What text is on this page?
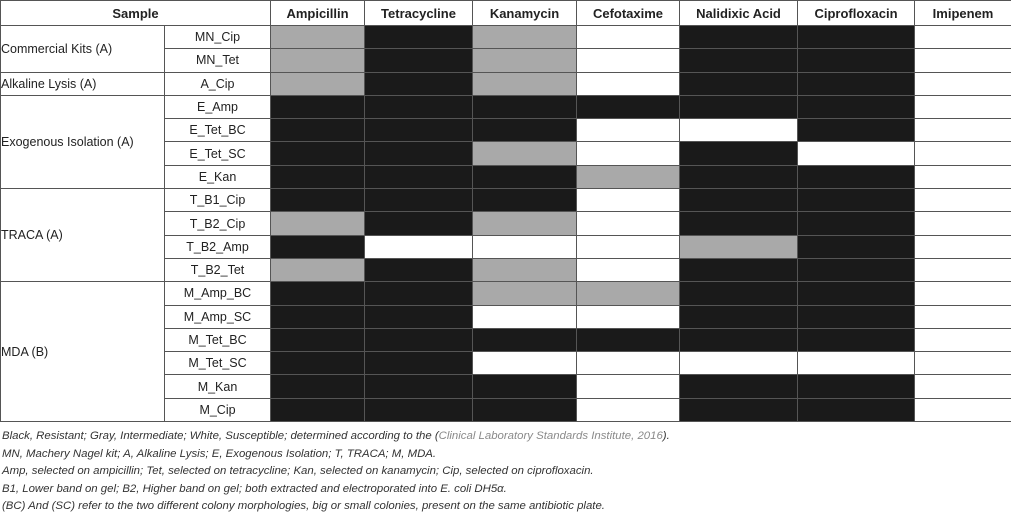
Sample		Ampicillin	Tetracycline	Kanamycin	Cefotaxime	Nalidixic Acid	Ciprofloxacin	Imipenem
Commercial Kits (A)	MN_Cip							
	MN_Tet							
Alkaline Lysis (A)	A_Cip							
Exogenous Isolation (A)	E_Amp							
	E_Tet_BC							
	E_Tet_SC							
	E_Kan							
TRACA (A)	T_B1_Cip							
	T_B2_Cip							
	T_B2_Amp							
	T_B2_Tet							
MDA (B)	M_Amp_BC							
	M_Amp_SC							
	M_Tet_BC							
	M_Tet_SC							
	M_Kan							
	M_Cip							
Black, Resistant; Gray, Intermediate; White, Susceptible; determined according to the (Clinical Laboratory Standards Institute, 2016).
MN, Machery Nagel kit; A, Alkaline Lysis; E, Exogenous Isolation; T, TRACA; M, MDA.
Amp, selected on ampicillin; Tet, selected on tetracycline; Kan, selected on kanamycin; Cip, selected on ciprofloxacin.
B1, Lower band on gel; B2, Higher band on gel; both extracted and electroporated into E. coli DH5α.
(BC) And (SC) refer to the two different colony morphologies, big or small colonies, present on the same antibiotic plate.
